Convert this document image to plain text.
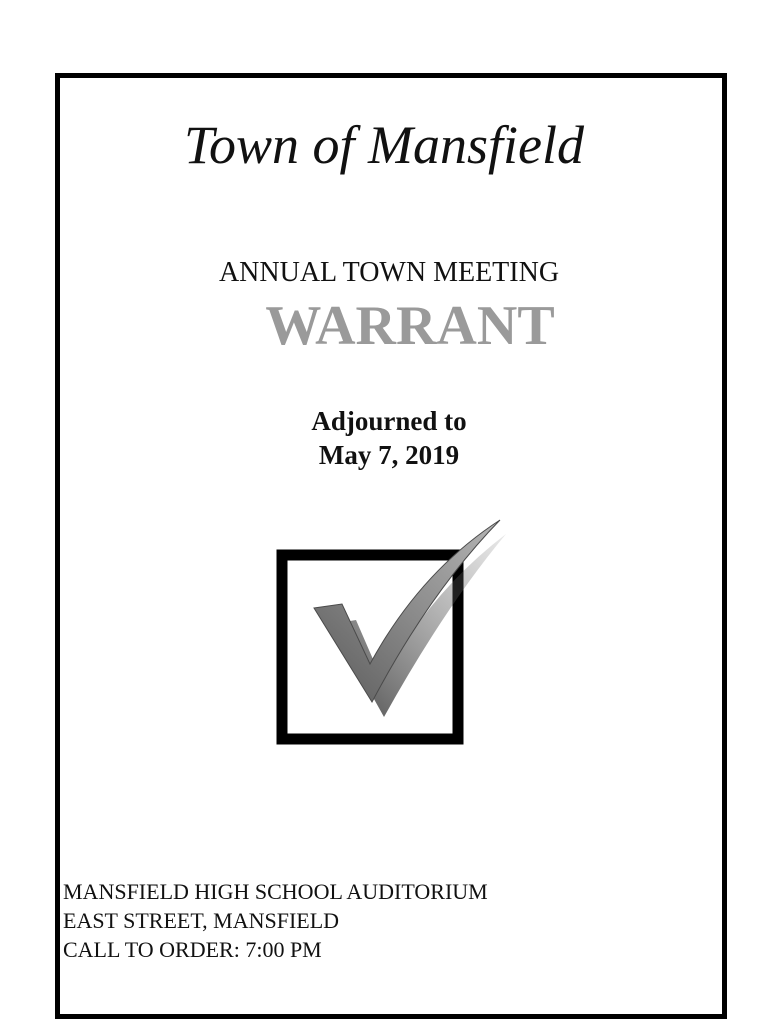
Town of Mansfield
ANNUAL TOWN MEETING
WARRANT
Adjourned to
May 7, 2019
MANSFIELD HIGH SCHOOL AUDITORIUM
EAST STREET, MANSFIELD
CALL TO ORDER: 7:00 PM
